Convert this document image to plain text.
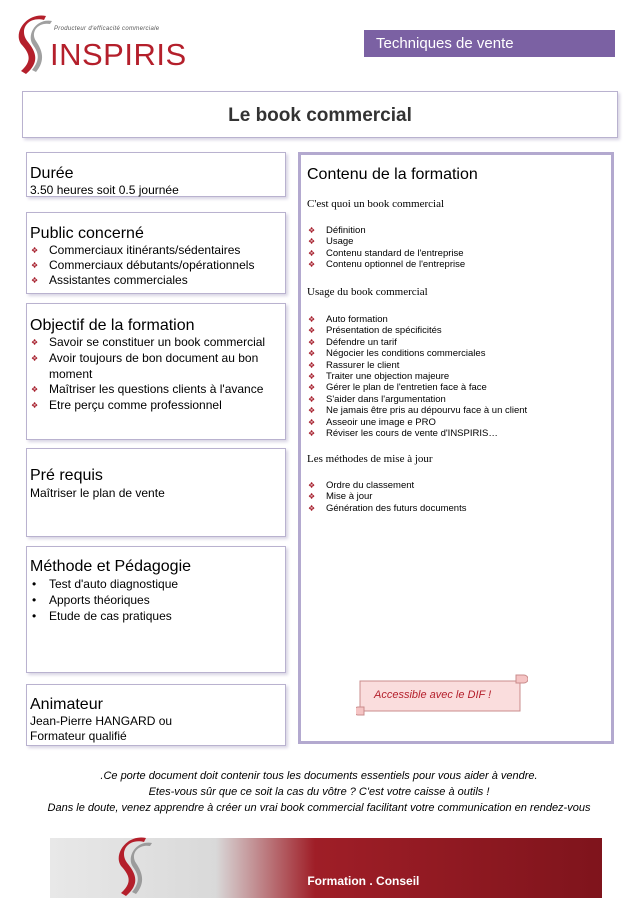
Producteur d'efficacité commerciale
INSPIRIS	Techniques de vente
Le book commercial
Durée
3.50 heures soit 0.5 journée
Public concerné
❖ Commerciaux itinérants/sédentaires
❖ Commerciaux débutants/opérationnels
❖ Assistantes commerciales
Objectif de la formation
❖ Savoir se constituer un book commercial
❖ Avoir toujours de bon document au bon moment
❖ Maîtriser les questions clients à l'avance
❖ Etre perçu comme professionnel
Pré requis
Maîtriser le plan de vente
Méthode et Pédagogie
• Test d'auto diagnostique
• Apports théoriques
• Etude de cas pratiques
Animateur
Jean-Pierre HANGARD ou
Formateur qualifié
Contenu de la formation
C'est quoi un book commercial
❖ Définition
❖ Usage
❖ Contenu standard de l'entreprise
❖ Contenu optionnel de l'entreprise
Usage du book commercial
❖ Auto formation
❖ Présentation de spécificités
❖ Défendre un tarif
❖ Négocier les conditions commerciales
❖ Rassurer le client
❖ Traiter une objection majeure
❖ Gérer le plan de l'entretien face à face
❖ S'aider dans l'argumentation
❖ Ne jamais être pris au dépourvu face à un client
❖ Asseoir une image e PRO
❖ Réviser les cours de vente d'INSPIRIS…
Les méthodes de mise à jour
❖ Ordre du classement
❖ Mise à jour
❖ Génération des futurs documents
Accessible avec le DIF !
.Ce porte document doit contenir tous les documents essentiels pour vous aider à vendre.
Etes-vous sûr que ce soit la cas du vôtre ? C'est votre caisse à outils !
Dans le doute, venez apprendre à créer un vrai book commercial facilitant votre communication en rendez-vous

Formation . Conseil
